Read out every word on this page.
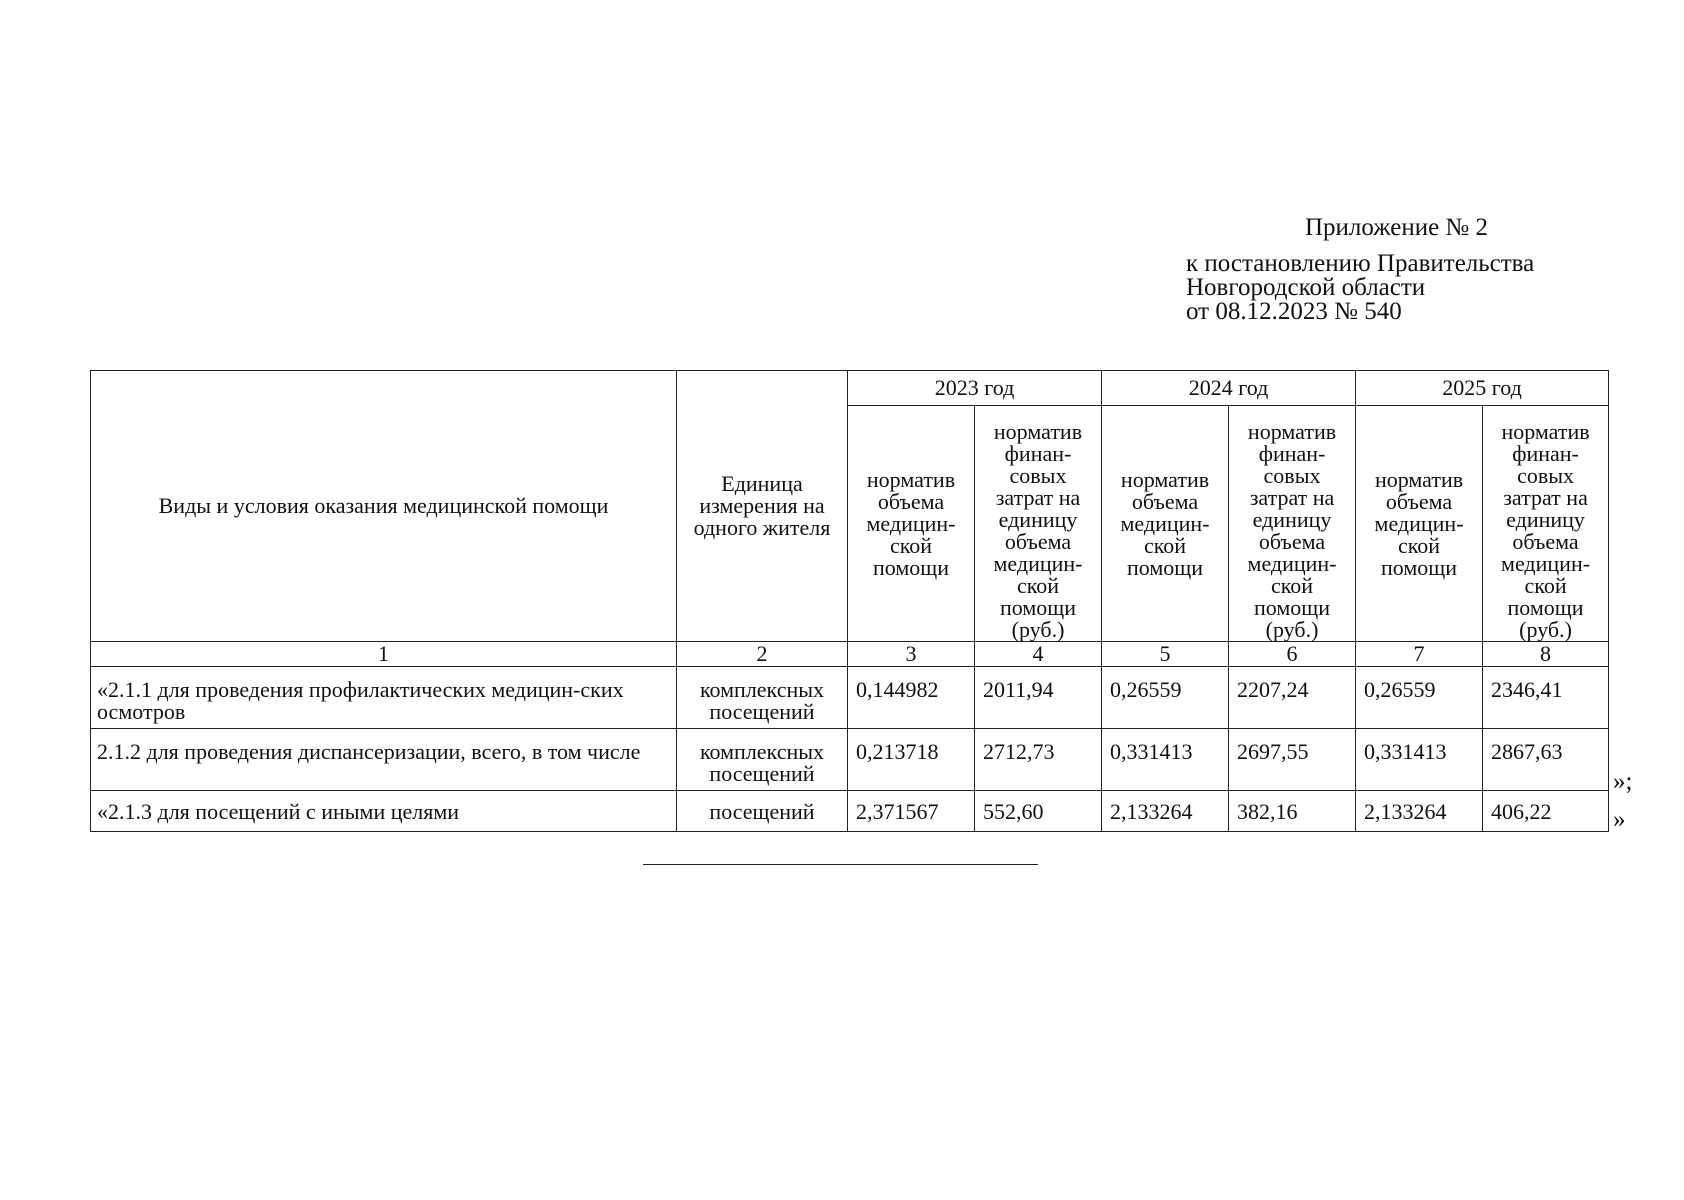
Приложение № 2
к постановлению Правительства
Новгородской области
от 08.12.2023 № 540
Виды и условия оказания медицинской помощи	Единица измерения на одного жителя	2023 год		2024 год		2025 год	
		норматив объема медицин-ской помощи	норматив финан-совых затрат на единицу объема медицин-ской помощи (руб.)	норматив объема медицин-ской помощи	норматив финан-совых затрат на единицу объема медицин-ской помощи (руб.)	норматив объема медицин-ской помощи	норматив финан-совых затрат на единицу объема медицин-ской помощи (руб.)
1	2	3	4	5	6	7	8
«2.1.1 для проведения профилактических медицин-ских осмотров	комплексных посещений	0,144982	2011,94	0,26559	2207,24	0,26559	2346,41
2.1.2 для проведения диспансеризации, всего, в том числе	комплексных посещений	0,213718	2712,73	0,331413	2697,55	0,331413	2867,63
«2.1.3 для посещений с иными целями	посещений	2,371567	552,60	2,133264	382,16	2,133264	406,22
»;
»
